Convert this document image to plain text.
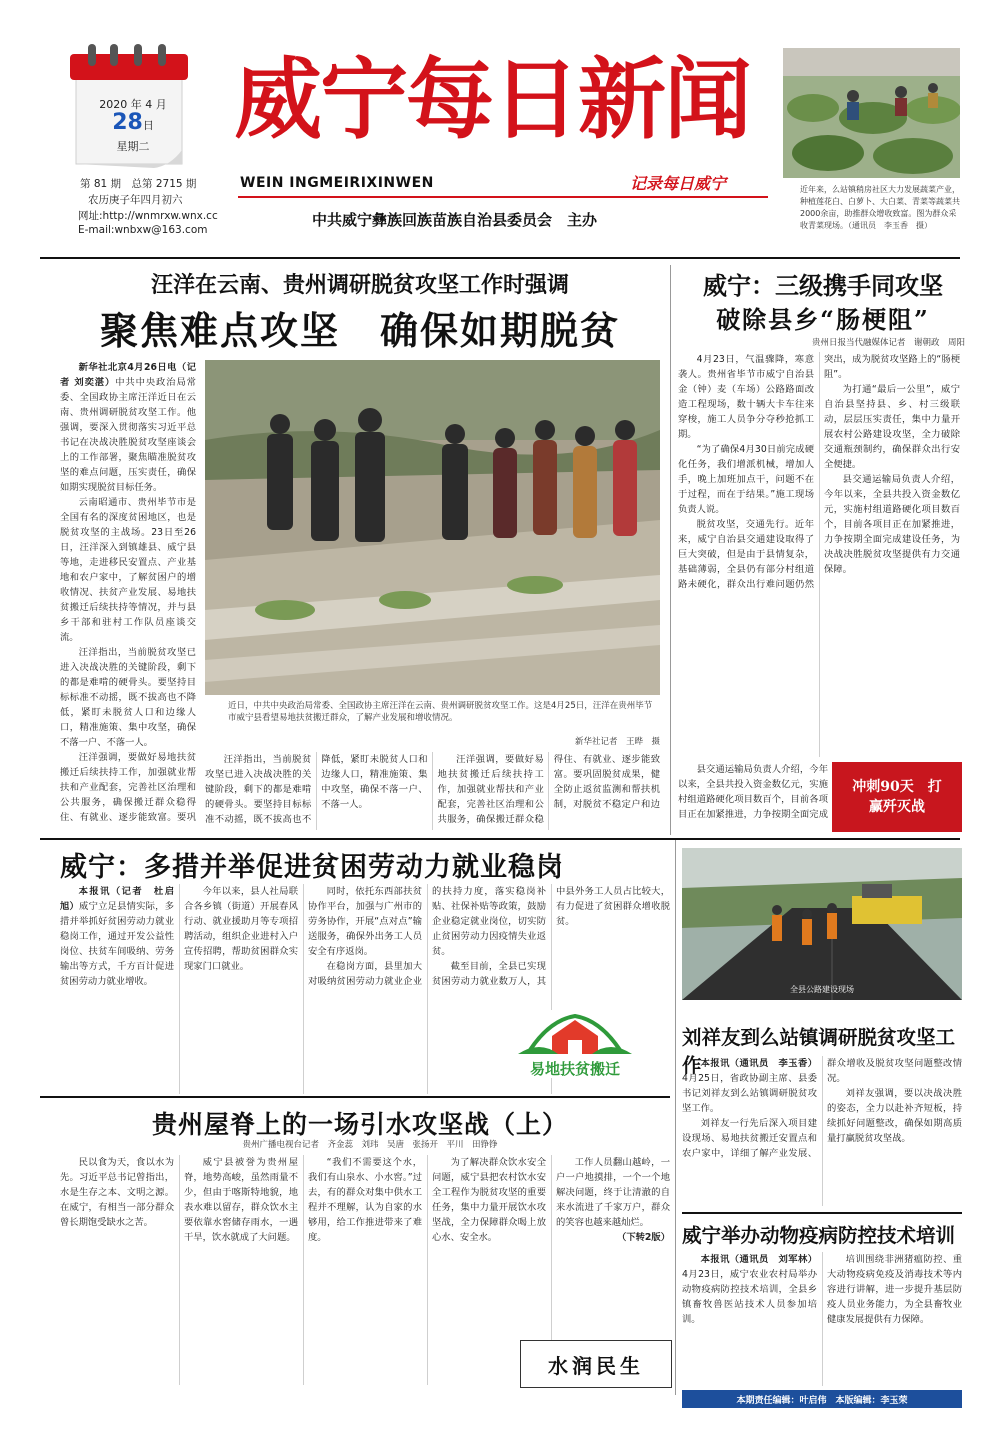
2020 年 4 月
28日
星期二
第 81 期　总第 2715 期
农历庚子年四月初六
网址:http://wnmrxw.wnx.cc
E-mail:wnbxw@163.com
威宁每日新闻
WEIN INGMEIRIXINWEN	记录每日威宁
中共威宁彝族回族苗族自治县委员会　主办
近年来，么站镇稍房社区大力发展蔬菜产业，种植莲花白、白萝卜、大白菜、青菜等蔬菜共2000余亩，助推群众增收致富。图为群众采收青菜现场。（通讯员　李玉香　摄）
汪洋在云南、贵州调研脱贫攻坚工作时强调
聚焦难点攻坚　确保如期脱贫

新华社北京4月26日电（记者 刘奕湛）中共中央政治局常委、全国政协主席汪洋近日在云南、贵州调研脱贫攻坚工作。他强调，要深入贯彻落实习近平总书记在决战决胜脱贫攻坚座谈会上的工作部署，聚焦瞄准脱贫攻坚的难点问题，压实责任，确保如期实现脱贫目标任务。

云南昭通市、贵州毕节市是全国有名的深度贫困地区，也是脱贫攻坚的主战场。23日至26日，汪洋深入到镇雄县、威宁县等地，走进移民安置点、产业基地和农户家中，了解贫困户的增收情况、扶贫产业发展、易地扶贫搬迁后续扶持等情况，并与县乡干部和驻村工作队员座谈交流。

汪洋指出，当前脱贫攻坚已进入决战决胜的关键阶段，剩下的都是难啃的硬骨头。要坚持目标标准不动摇，既不拔高也不降低，紧盯未脱贫人口和边缘人口，精准施策、集中攻坚，确保不落一户、不落一人。

汪洋强调，要做好易地扶贫搬迁后续扶持工作，加强就业帮扶和产业配套，完善社区治理和公共服务，确保搬迁群众稳得住、有就业、逐步能致富。要巩

近日，中共中央政治局常委、全国政协主席汪洋在云南、贵州调研脱贫攻坚工作。这是4月25日，汪洋在贵州毕节市威宁县看望易地扶贫搬迁群众，了解产业发展和增收情况。
新华社记者　王晔　摄

汪洋指出，当前脱贫攻坚已进入决战决胜的关键阶段，剩下的都是难啃的硬骨头。要坚持目标标准不动摇，既不拔高也不降低，紧盯未脱贫人口和边缘人口，精准施策、集中攻坚，确保不落一户、不落一人。

汪洋强调，要做好易地扶贫搬迁后续扶持工作，加强就业帮扶和产业配套，完善社区治理和公共服务，确保搬迁群众稳得住、有就业、逐步能致富。要巩固脱贫成果，健全防止返贫监测和帮扶机制，对脱贫不稳定户和边

威宁：三级携手同攻坚
破除县乡“肠梗阻”
贵州日报当代融媒体记者　谢朝政　周阳

4月23日，气温骤降，寒意袭人。贵州省毕节市威宁自治县金（钟）麦（车场）公路路面改造工程现场，数十辆大卡车往来穿梭，施工人员争分夺秒抢抓工期。

“为了确保4月30日前完成硬化任务，我们增派机械，增加人手，晚上加班加点干，问题不在于过程，而在于结果。”施工现场负责人说。

脱贫攻坚，交通先行。近年来，威宁自治县交通建设取得了巨大突破，但是由于县情复杂，基础薄弱，全县仍有部分村组道路未硬化，群众出行难问题仍然突出，成为脱贫攻坚路上的“肠梗阻”。

为打通“最后一公里”，威宁自治县坚持县、乡、村三级联动，层层压实责任，集中力量开展农村公路建设攻坚，全力破除交通瓶颈制约，确保群众出行安全便捷。

县交通运输局负责人介绍，今年以来，全县共投入资金数亿元，实施村组道路硬化项目数百个，目前各项目正在加紧推进，力争按期全面完成建设任务，为决战决胜脱贫攻坚提供有力交通保障。

县交通运输局负责人介绍，今年以来，全县共投入资金数亿元，实施村组道路硬化项目数百个，目前各项目正在加紧推进，力争按期全面完成

冲刺90天　打赢歼灭战
威宁：多措并举促进贫困劳动力就业稳岗

本报讯（记者　杜启旭）威宁立足县情实际，多措并举抓好贫困劳动力就业稳岗工作，通过开发公益性岗位、扶贫车间吸纳、劳务输出等方式，千方百计促进贫困劳动力就业增收。

今年以来，县人社局联合各乡镇（街道）开展春风行动、就业援助月等专项招聘活动，组织企业进村入户宣传招聘，帮助贫困群众实现家门口就业。

同时，依托东西部扶贫协作平台，加强与广州市的劳务协作，开展“点对点”输送服务，确保外出务工人员安全有序返岗。

在稳岗方面，县里加大对吸纳贫困劳动力就业企业的扶持力度，落实稳岗补贴、社保补贴等政策，鼓励企业稳定就业岗位，切实防止贫困劳动力因疫情失业返贫。

截至目前，全县已实现贫困劳动力就业数万人，其中县外务工人员占比较大，有力促进了贫困群众增收脱贫。

易地扶贫搬迁
贵州屋脊上的一场引水攻坚战（上）
贵州广播电视台记者　齐金蕊　刘玮　吴唐　张扬开　平川　田铮铮

民以食为天，食以水为先。习近平总书记曾指出，水是生存之本、文明之源。在威宁，有相当一部分群众曾长期饱受缺水之苦。

威宁县被誉为贵州屋脊，地势高峻，虽然雨量不少，但由于喀斯特地貌，地表水难以留存，群众饮水主要依靠水窖储存雨水，一遇干旱，饮水就成了大问题。

“我们不需要这个水，我们有山泉水、小水窖。”过去，有的群众对集中供水工程并不理解，认为自家的水够用，给工作推进带来了难度。

为了解决群众饮水安全问题，威宁县把农村饮水安全工程作为脱贫攻坚的重要任务，集中力量开展饮水攻坚战，全力保障群众喝上放心水、安全水。

工作人员翻山越岭，一户一户地摸排，一个一个地解决问题，终于让清澈的自来水流进了千家万户，群众的笑容也越来越灿烂。

（下转2版）

水润民生
全县公路建设现场
刘祥友到么站镇调研脱贫攻坚工作 本报讯（通讯员　李玉香）4月25日，省政协副主席、县委书记刘祥友到么站镇调研脱贫攻坚工作。

刘祥友一行先后深入项目建设现场、易地扶贫搬迁安置点和农户家中，详细了解产业发展、群众增收及脱贫攻坚问题整改情况。

刘祥友强调，要以决战决胜的姿态，全力以赴补齐短板，持续抓好问题整改，确保如期高质量打赢脱贫攻坚战。

威宁举办动物疫病防控技术培训

本报讯（通讯员　刘军林）4月23日，威宁农业农村局举办动物疫病防控技术培训，全县乡镇畜牧兽医站技术人员参加培训。

培训围绕非洲猪瘟防控、重大动物疫病免疫及消毒技术等内容进行讲解，进一步提升基层防疫人员业务能力，为全县畜牧业健康发展提供有力保障。

本期责任编辑：叶启伟　本版编辑：李玉荣
